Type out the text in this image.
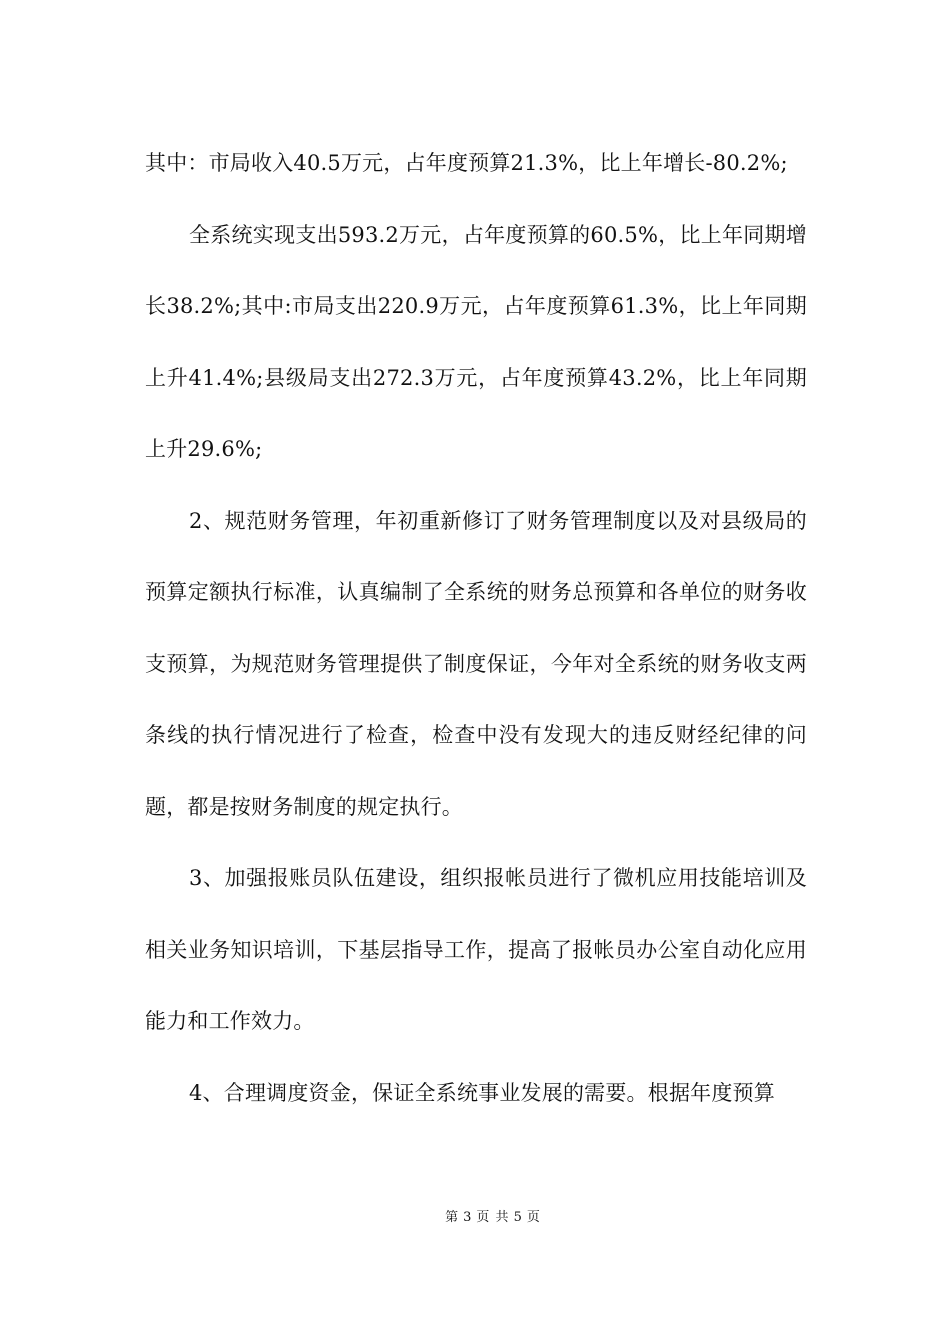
其中：市局收入40.5万元，占年度预算21.3%，比上年增长-80.2%;

全系统实现支出593.2万元，占年度预算的60.5%，比上年同期增长38.2%;其中:市局支出220.9万元，占年度预算61.3%，比上年同期上升41.4%;县级局支出272.3万元，占年度预算43.2%，比上年同期上升29.6%;

2、规范财务管理，年初重新修订了财务管理制度以及对县级局的预算定额执行标准，认真编制了全系统的财务总预算和各单位的财务收支预算，为规范财务管理提供了制度保证，今年对全系统的财务收支两条线的执行情况进行了检查，检查中没有发现大的违反财经纪律的问题，都是按财务制度的规定执行。

3、加强报账员队伍建设，组织报帐员进行了微机应用技能培训及相关业务知识培训，下基层指导工作，提高了报帐员办公室自动化应用能力和工作效力。

4、合理调度资金，保证全系统事业发展的需要。根据年度预算

第 3 页 共 5 页
